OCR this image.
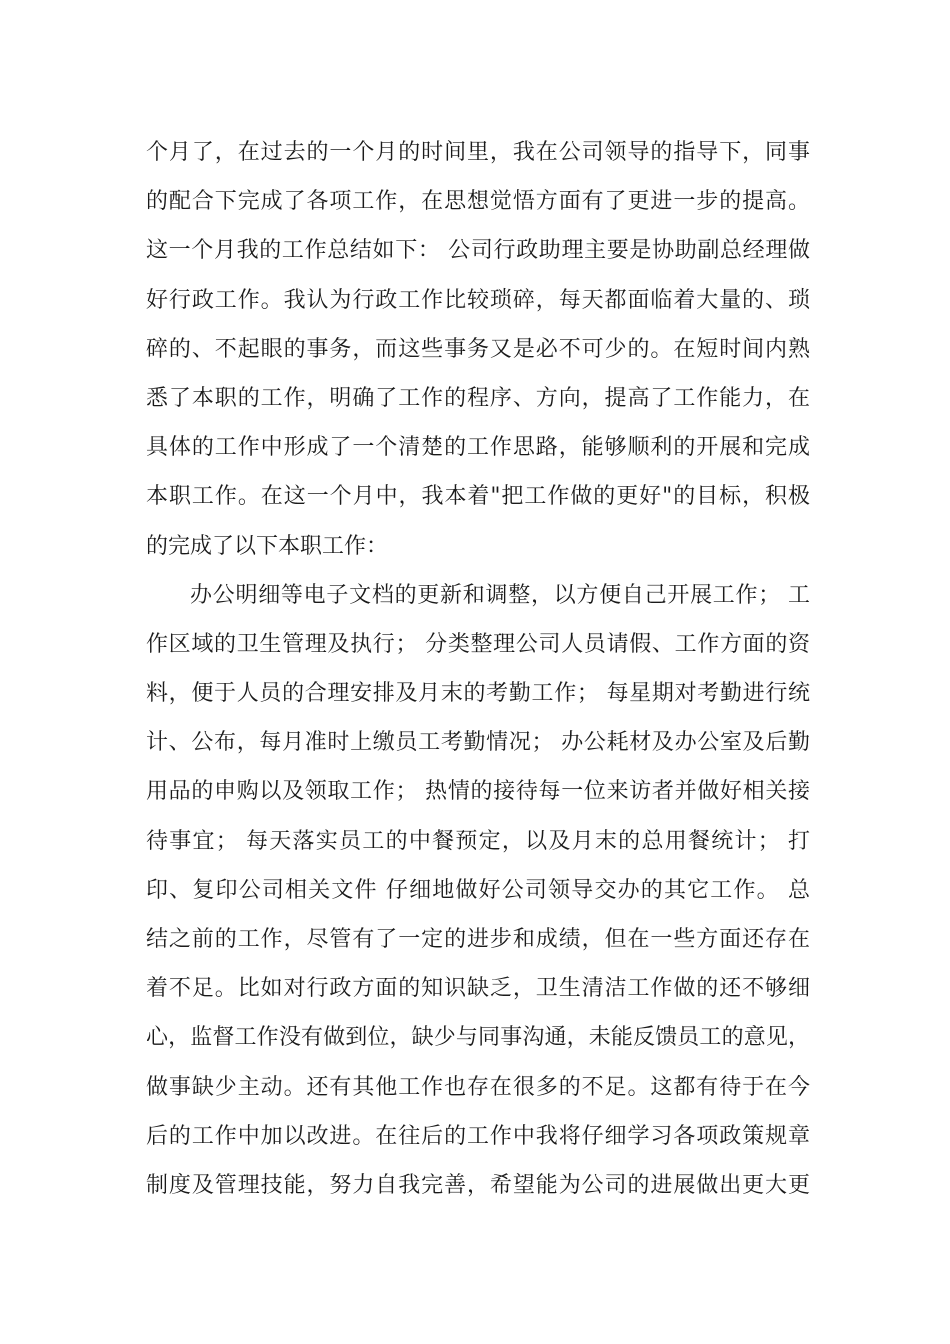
个月了，在过去的一个月的时间里，我在公司领导的指导下，同事
的配合下完成了各项工作，在思想觉悟方面有了更进一步的提高。
这一个月我的工作总结如下： 公司行政助理主要是协助副总经理做
好行政工作。我认为行政工作比较琐碎，每天都面临着大量的、琐
碎的、不起眼的事务，而这些事务又是必不可少的。在短时间内熟
悉了本职的工作，明确了工作的程序、方向，提高了工作能力，在
具体的工作中形成了一个清楚的工作思路，能够顺利的开展和完成
本职工作。在这一个月中，我本着"把工作做的更好"的目标，积极
的完成了以下本职工作：
办公明细等电子文档的更新和调整，以方便自己开展工作； 工
作区域的卫生管理及执行； 分类整理公司人员请假、工作方面的资
料，便于人员的合理安排及月末的考勤工作； 每星期对考勤进行统
计、公布，每月准时上缴员工考勤情况； 办公耗材及办公室及后勤
用品的申购以及领取工作； 热情的接待每一位来访者并做好相关接
待事宜； 每天落实员工的中餐预定，以及月末的总用餐统计； 打
印、复印公司相关文件 仔细地做好公司领导交办的其它工作。 总
结之前的工作，尽管有了一定的进步和成绩，但在一些方面还存在
着不足。比如对行政方面的知识缺乏，卫生清洁工作做的还不够细
心，监督工作没有做到位，缺少与同事沟通，未能反馈员工的意见，
做事缺少主动。还有其他工作也存在很多的不足。这都有待于在今
后的工作中加以改进。在往后的工作中我将仔细学习各项政策规章
制度及管理技能，努力自我完善，希望能为公司的进展做出更大更
